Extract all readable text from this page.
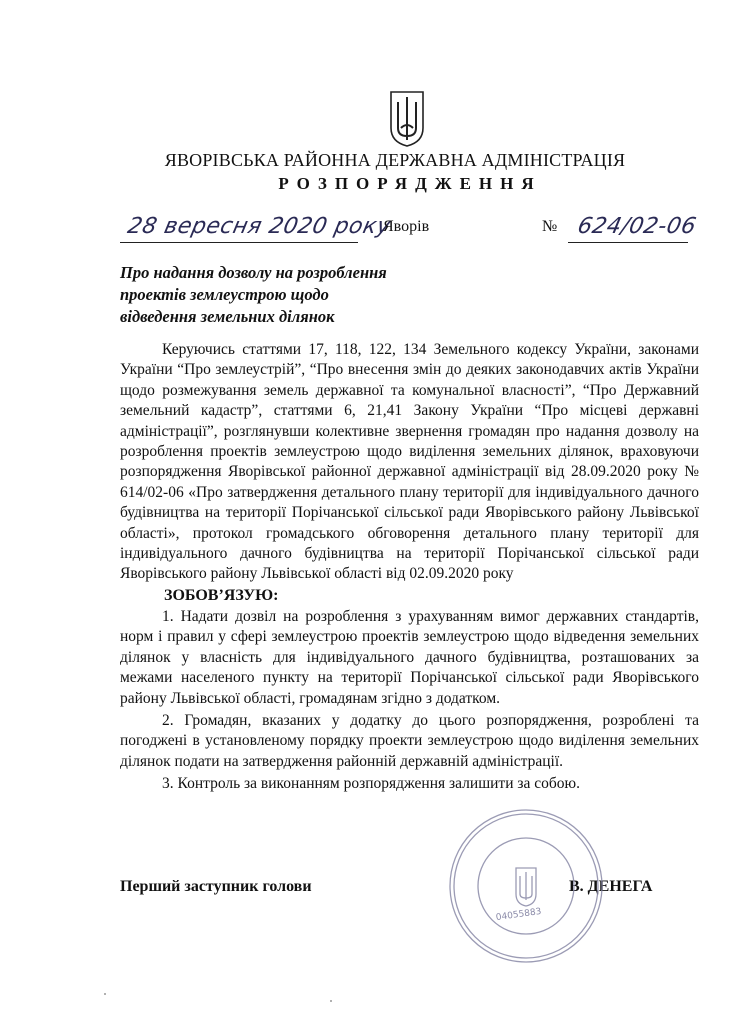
ЯВОРІВСЬКА РАЙОННА ДЕРЖАВНА АДМІНІСТРАЦІЯ
РОЗПОРЯДЖЕННЯ
28 вересня 2020 року
Яворів	№ 624/02-06
Про надання дозволу на розроблення
проектів землеустрою щодо
відведення земельних ділянок

Керуючись статтями 17, 118, 122, 134 Земельного кодексу України, законами України “Про землеустрій”, “Про внесення змін до деяких законодавчих актів України щодо розмежування земель державної та комунальної власності”, “Про Державний земельний кадастр”, статтями 6, 21,41 Закону України “Про місцеві державні адміністрації”, розглянувши колективне звернення громадян про надання дозволу на розроблення проектів землеустрою щодо виділення земельних ділянок, враховуючи розпорядження Яворівської районної державної адміністрації від 28.09.2020 року № 614/02-06 «Про затвердження детального плану території для індивідуального дачного будівництва на території Порічанської сільської ради Яворівського району Львівської області», протокол громадського обговорення детального плану території для індивідуального дачного будівництва на території Порічанської сільської ради Яворівського району Львівської області від 02.09.2020 року

ЗОБОВ’ЯЗУЮ:

1. Надати дозвіл на розроблення з урахуванням вимог державних стандартів, норм і правил у сфері землеустрою проектів землеустрою щодо відведення земельних ділянок у власність для індивідуального дачного будівництва, розташованих за межами населеного пункту на території Порічанської сільської ради Яворівського району Львівської області, громадянам згідно з додатком.

2. Громадян, вказаних у додатку до цього розпорядження, розроблені та погоджені в установленому порядку проекти землеустрою щодо виділення земельних ділянок подати на затвердження районній державній адміністрації.

3. Контроль за виконанням розпорядження залишити за собою.

Перший заступник голови	В. ДЕНЕГА
04055883
